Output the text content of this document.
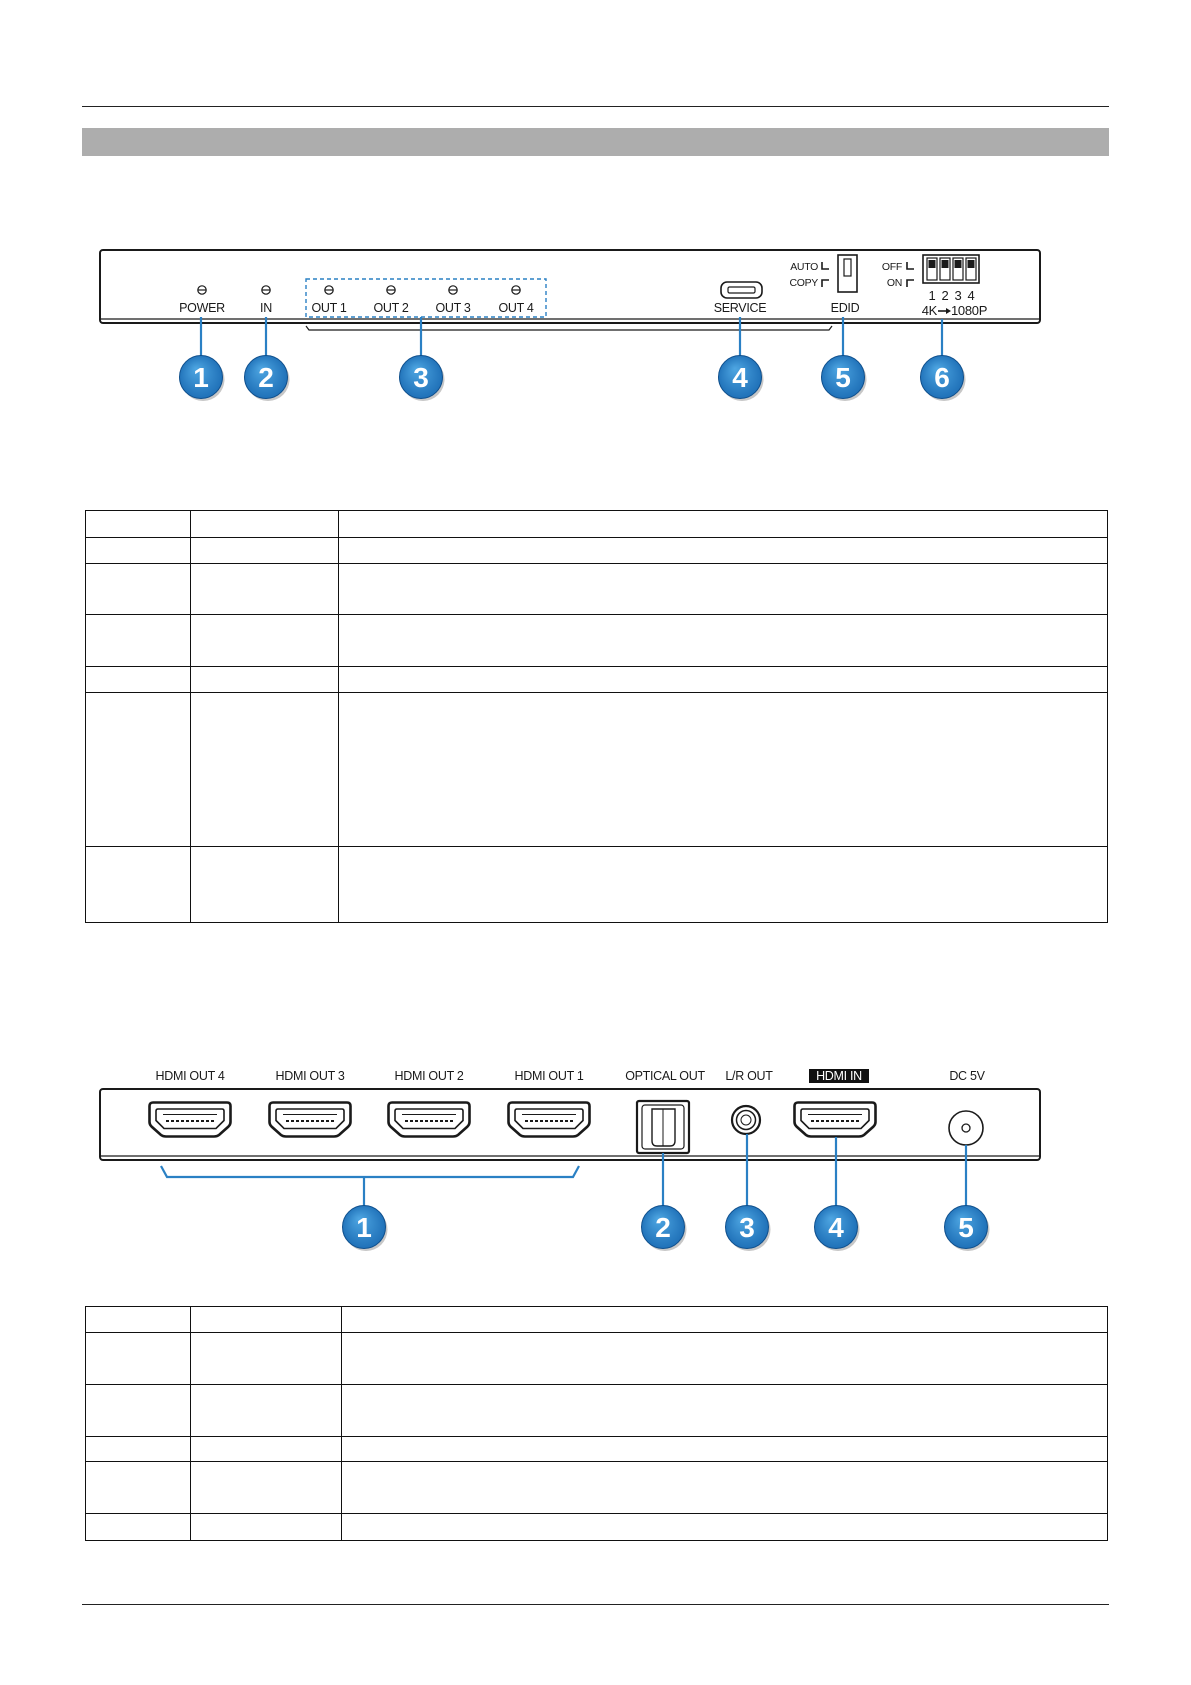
POWER	IN	OUT 1 OUT 2 OUT 3 OUT 4	SERVICE
AUTO
COPY
EDID
OFF
ON
1 2 3 4
4K 1080P
1 2	3	4	5	6
HDMI OUT 4	HDMI OUT 3	HDMI OUT 2	HDMI OUT 1	OPTICAL OUT L/R OUT	HDMI IN	DC 5V
1	2 3	4	5
